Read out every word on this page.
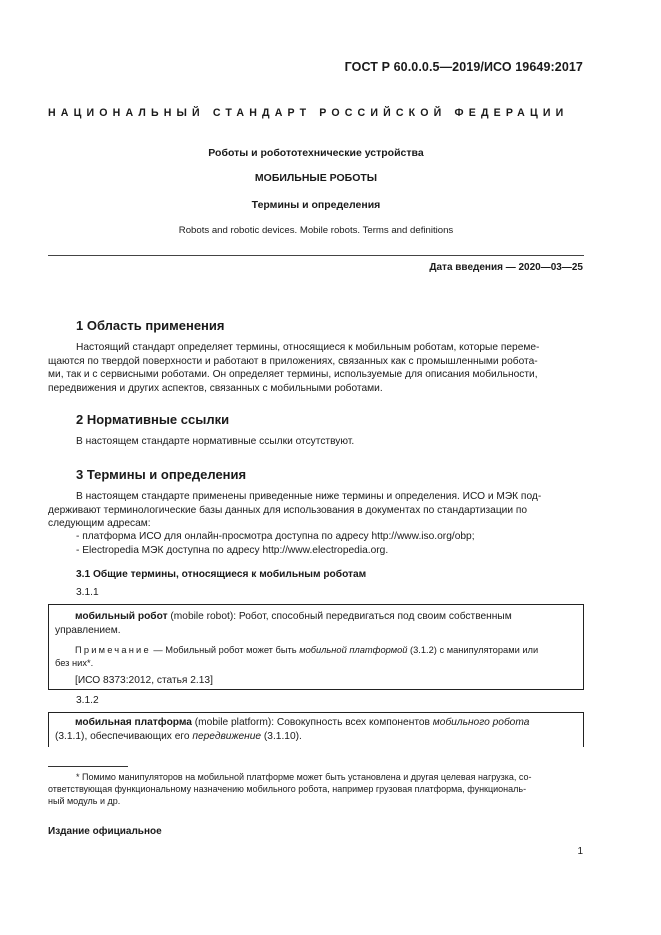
ГОСТ Р 60.0.0.5—2019/ИСО 19649:2017
НАЦИОНАЛЬНЫЙ СТАНДАРТ РОССИЙСКОЙ ФЕДЕРАЦИИ
Роботы и робототехнические устройства
МОБИЛЬНЫЕ РОБОТЫ
Термины и определения
Robots and robotic devices. Mobile robots. Terms and definitions
Дата введения — 2020—03—25
1 Область применения
Настоящий стандарт определяет термины, относящиеся к мобильным роботам, которые переме-
щаются по твердой поверхности и работают в приложениях, связанных как с промышленными робота-
ми, так и с сервисными роботами. Он определяет термины, используемые для описания мобильности,
передвижения и других аспектов, связанных с мобильными роботами.
2 Нормативные ссылки
В настоящем стандарте нормативные ссылки отсутствуют.
3 Термины и определения
В настоящем стандарте применены приведенные ниже термины и определения. ИСО и МЭК под-
держивают терминологические базы данных для использования в документах по стандартизации по
следующим адресам:
- платформа ИСО для онлайн-просмотра доступна по адресу http://www.iso.org/obp;
- Electropedia МЭК доступна по адресу http://www.electropedia.org.
3.1 Общие термины, относящиеся к мобильным роботам
3.1.1
мобильный робот (mobile robot): Робот, способный передвигаться под своим собственным
управлением.
Примечание — Мобильный робот может быть мобильной платформой (3.1.2) с манипуляторами или
без них*.
[ИСО 8373:2012, статья 2.13]
3.1.2
мобильная платформа (mobile platform): Совокупность всех компонентов мобильного робота
(3.1.1), обеспечивающих его передвижение (3.1.10).
* Помимо манипуляторов на мобильной платформе может быть установлена и другая целевая нагрузка, со-
ответствующая функциональному назначению мобильного робота, например грузовая платформа, функциональ-
ный модуль и др.
Издание официальное
1
